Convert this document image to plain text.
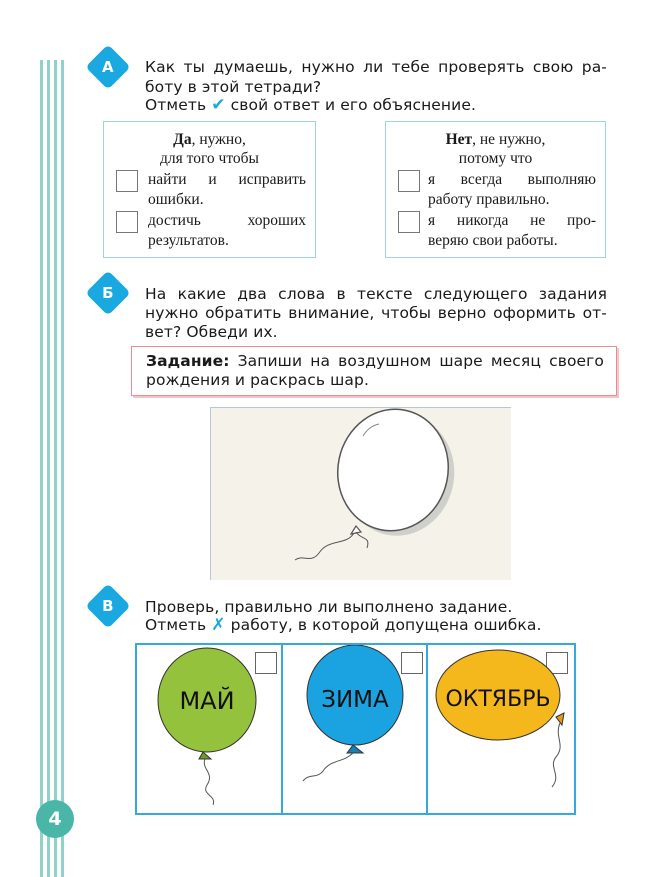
А Как ты думаешь, нужно ли тебе проверять свою ра-
боту в этой тетради?
Отметь ✔ свой ответ и его объяснение.
Да, нужно,
для того чтобы
найти и исправить
ошибки.
достичь хороших
результатов.
Нет, не нужно,
потому что
я всегда выполняю
работу правильно.
я никогда не про-
веряю свои работы.
Б На какие два слова в тексте следующего задания
нужно обратить внимание, чтобы верно оформить от-
вет? Обведи их.
Задание: Запиши на воздушном шаре месяц своего
рождения и раскрась шар.
В Проверь, правильно ли выполнено задание.
Отметь ✗ работу, в которой допущена ошибка.
МАЙ	ЗИМА	ОКТЯБРЬ
4
